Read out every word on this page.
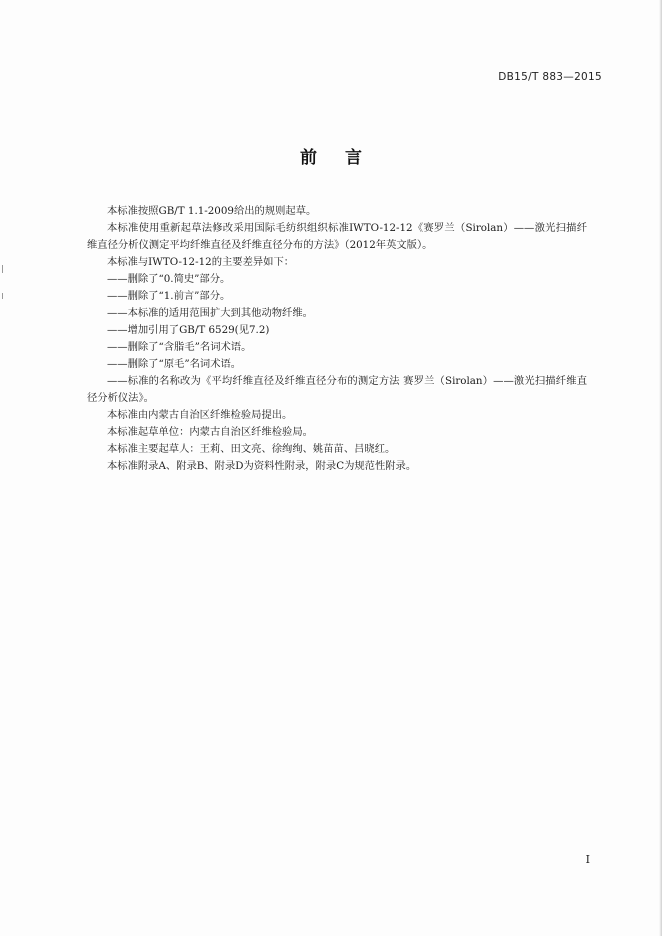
DB15/T 883—2015
前言

本标准按照GB/T 1.1-2009给出的规则起草。

本标准使用重新起草法修改采用国际毛纺织组织标准IWTO-12-12《赛罗兰（Sirolan）——激光扫描纤维直径分析仪测定平均纤维直径及纤维直径分布的方法》（2012年英文版）。

本标准与IWTO-12-12的主要差异如下：

——删除了“0.简史”部分。

——删除了“1.前言”部分。

——本标准的适用范围扩大到其他动物纤维。

——增加引用了GB/T 6529(见7.2)

——删除了“含脂毛”名词术语。

——删除了“原毛”名词术语。

——标准的名称改为《平均纤维直径及纤维直径分布的测定方法 赛罗兰（Sirolan）——激光扫描纤维直径分析仪法》。

本标准由内蒙古自治区纤维检验局提出。

本标准起草单位：内蒙古自治区纤维检验局。

本标准主要起草人：王莉、田文亮、徐绚绚、姚苗苗、吕晓红。

本标准附录A、附录B、附录D为资料性附录，附录C为规范性附录。

I
